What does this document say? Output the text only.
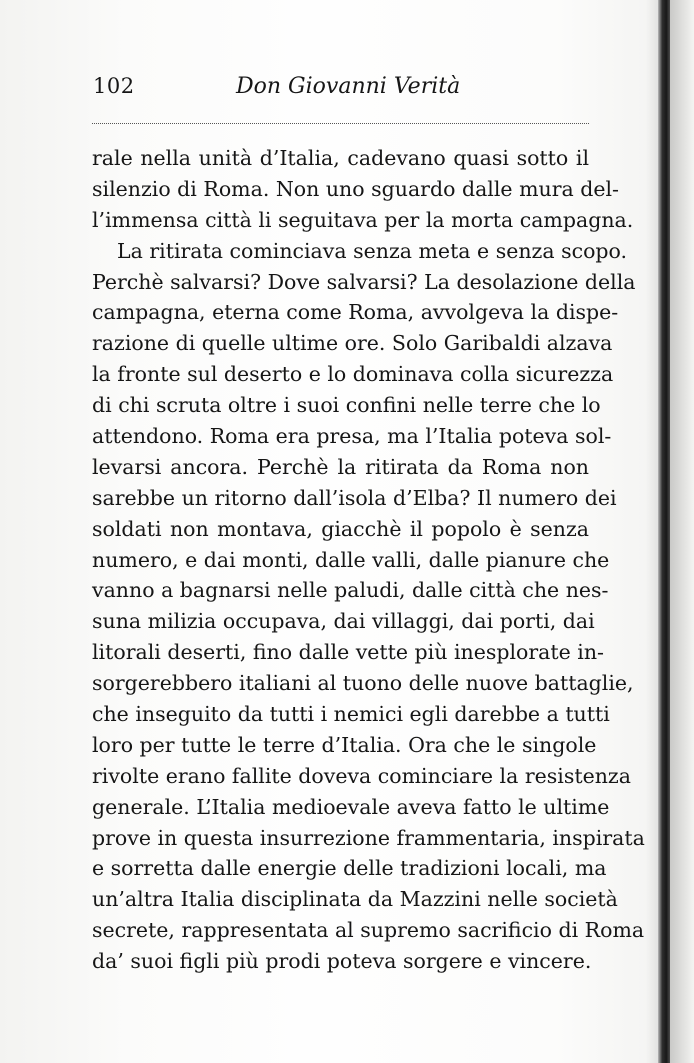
102	Don Giovanni Verità
rale nella unità d’Italia, cadevano quasi sotto il
silenzio di Roma. Non uno sguardo dalle mura del-
l’immensa città li seguitava per la morta campagna.
La ritirata cominciava senza meta e senza scopo.
Perchè salvarsi? Dove salvarsi? La desolazione della
campagna, eterna come Roma, avvolgeva la dispe-
razione di quelle ultime ore. Solo Garibaldi alzava
la fronte sul deserto e lo dominava colla sicurezza
di chi scruta oltre i suoi confini nelle terre che lo
attendono. Roma era presa, ma l’Italia poteva sol-
levarsi ancora. Perchè la ritirata da Roma non
sarebbe un ritorno dall’isola d’Elba? Il numero dei
soldati non montava, giacchè il popolo è senza
numero, e dai monti, dalle valli, dalle pianure che
vanno a bagnarsi nelle paludi, dalle città che nes-
suna milizia occupava, dai villaggi, dai porti, dai
litorali deserti, fino dalle vette più inesplorate in-
sorgerebbero italiani al tuono delle nuove battaglie,
che inseguito da tutti i nemici egli darebbe a tutti
loro per tutte le terre d’Italia. Ora che le singole
rivolte erano fallite doveva cominciare la resistenza
generale. L’Italia medioevale aveva fatto le ultime
prove in questa insurrezione frammentaria, inspirata
e sorretta dalle energie delle tradizioni locali, ma
un’altra Italia disciplinata da Mazzini nelle società
secrete, rappresentata al supremo sacrificio di Roma
da’ suoi figli più prodi poteva sorgere e vincere.
